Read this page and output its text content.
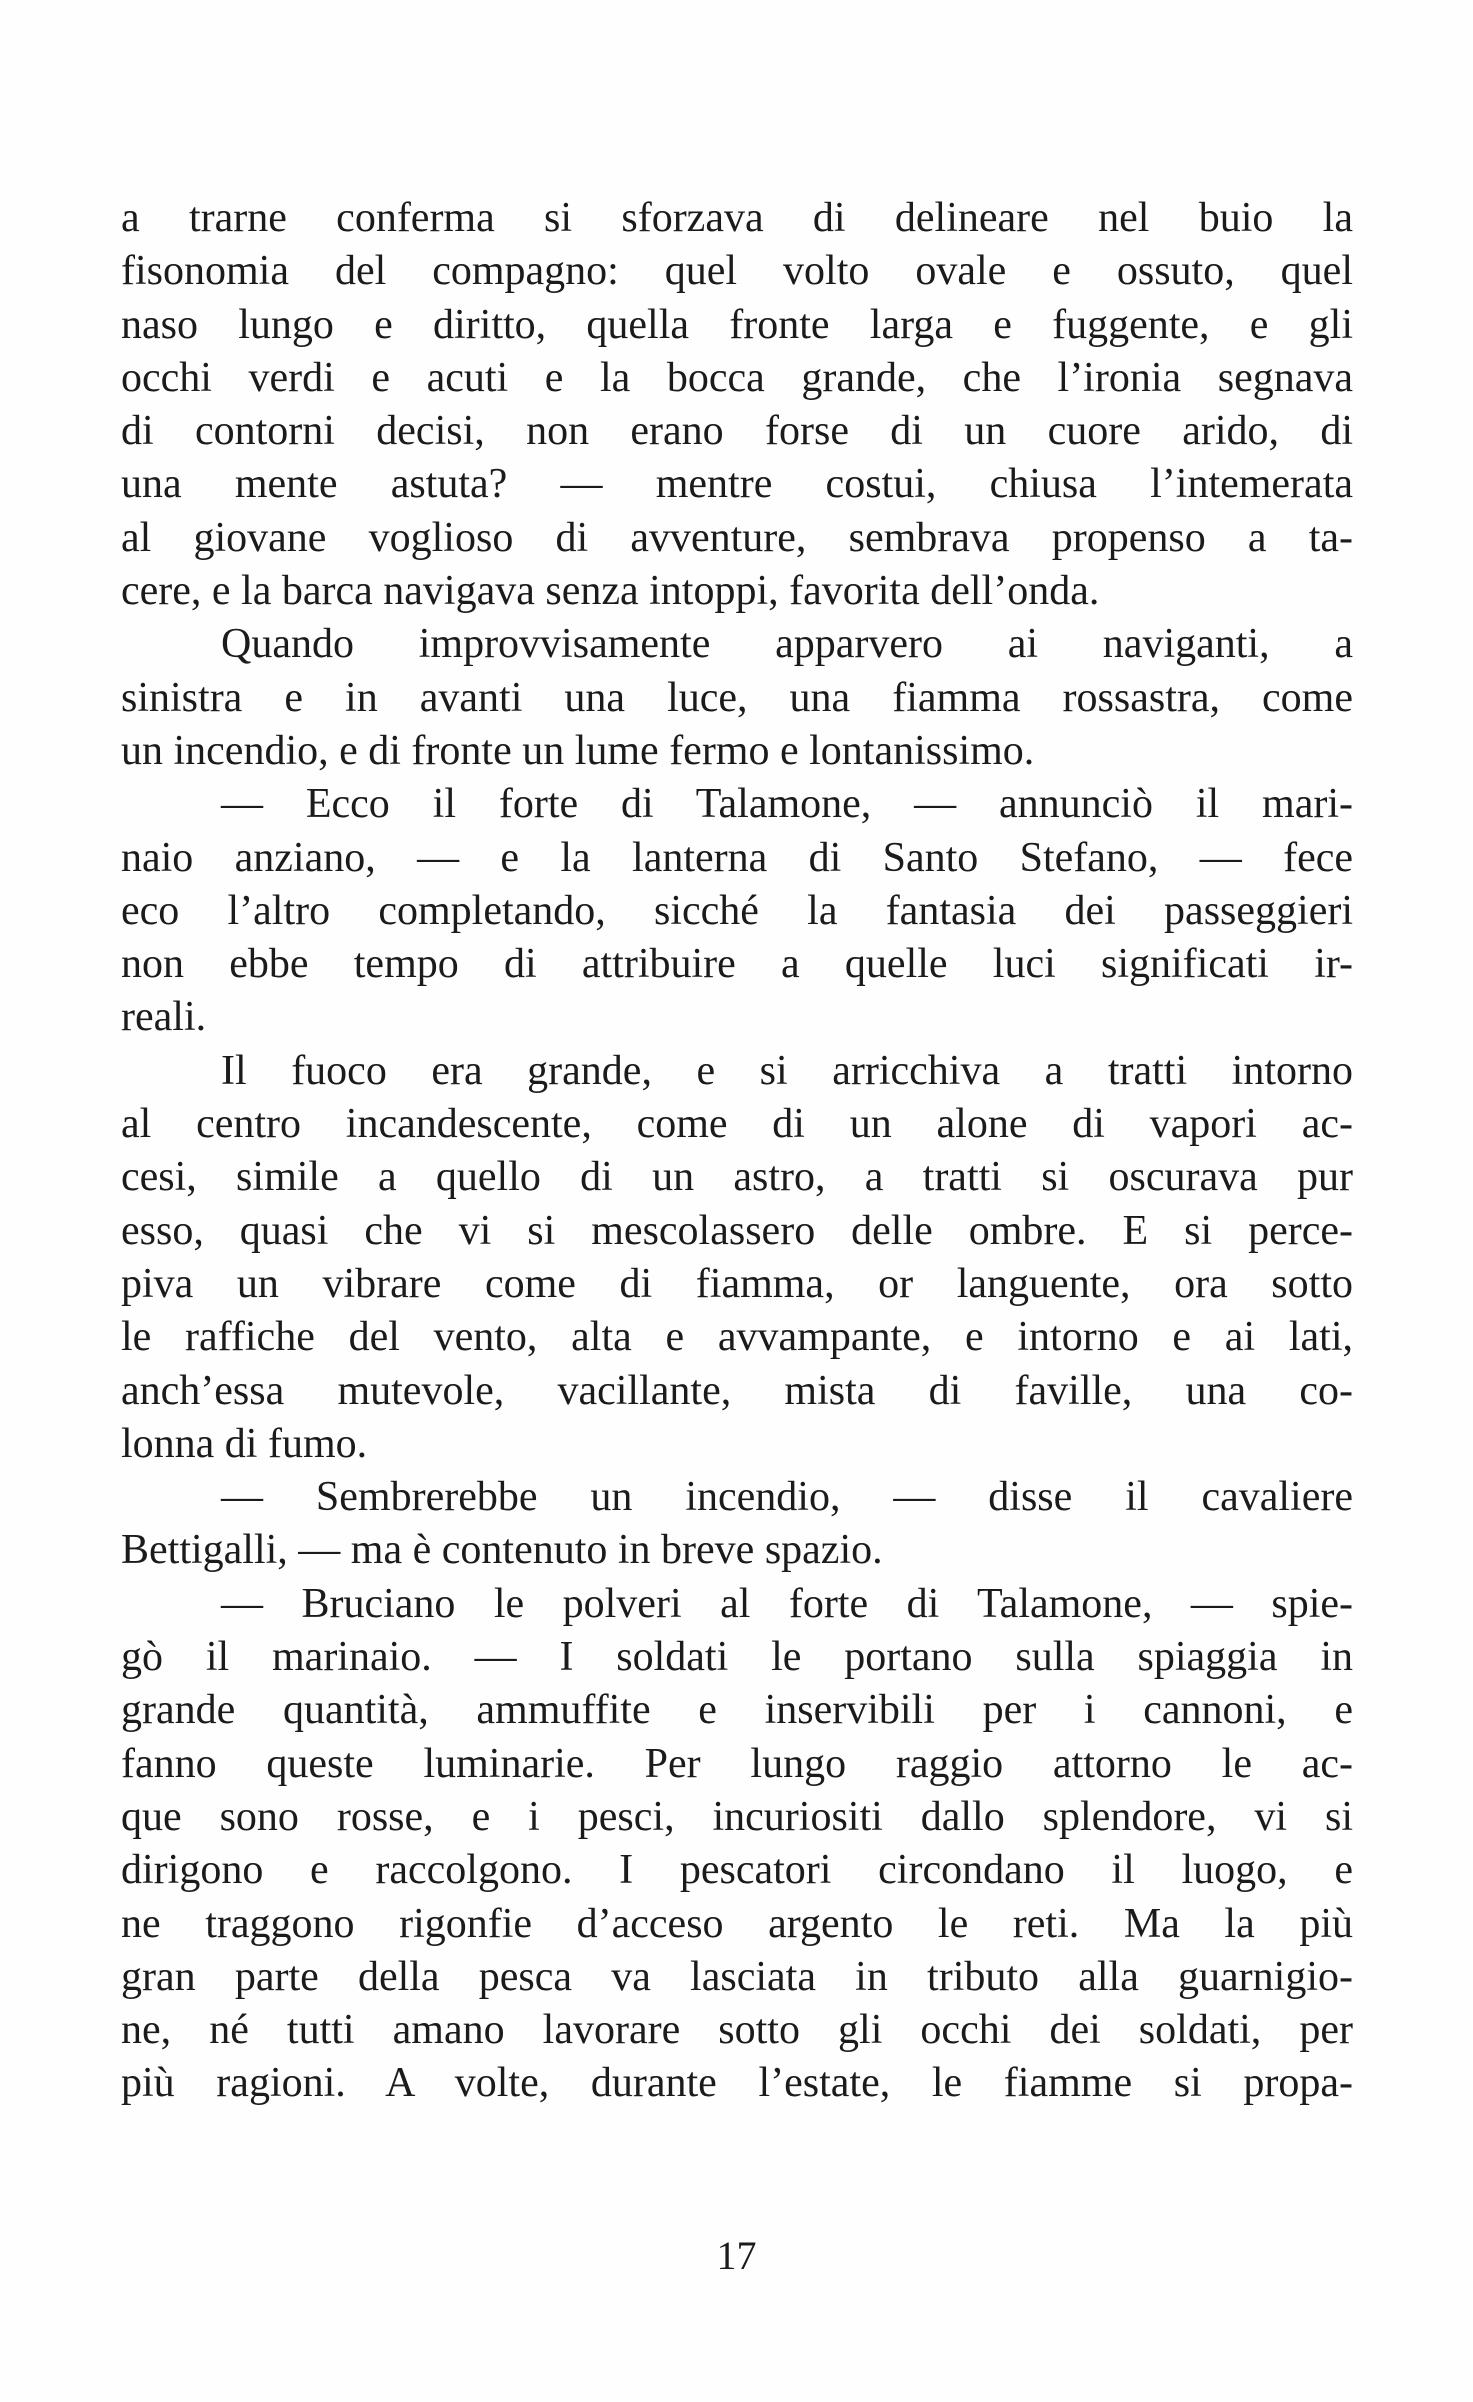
a trarne conferma si sforzava di delineare nel buio la
fisonomia del compagno: quel volto ovale e ossuto, quel
naso lungo e diritto, quella fronte larga e fuggente, e gli
occhi verdi e acuti e la bocca grande, che l’ironia segnava
di contorni decisi, non erano forse di un cuore arido, di
una mente astuta? — mentre costui, chiusa l’intemerata
al giovane voglioso di avventure, sembrava propenso a ta-
cere, e la barca navigava senza intoppi, favorita dell’onda.
Quando improvvisamente apparvero ai naviganti, a
sinistra e in avanti una luce, una fiamma rossastra, come
un incendio, e di fronte un lume fermo e lontanissimo.
— Ecco il forte di Talamone, — annunciò il mari-
naio anziano, — e la lanterna di Santo Stefano, — fece
eco l’altro completando, sicché la fantasia dei passeggieri
non ebbe tempo di attribuire a quelle luci significati ir-
reali.
Il fuoco era grande, e si arricchiva a tratti intorno
al centro incandescente, come di un alone di vapori ac-
cesi, simile a quello di un astro, a tratti si oscurava pur
esso, quasi che vi si mescolassero delle ombre. E si perce-
piva un vibrare come di fiamma, or languente, ora sotto
le raffiche del vento, alta e avvampante, e intorno e ai lati,
anch’essa mutevole, vacillante, mista di faville, una co-
lonna di fumo.
— Sembrerebbe un incendio, — disse il cavaliere
Bettigalli, — ma è contenuto in breve spazio.
— Bruciano le polveri al forte di Talamone, — spie-
gò il marinaio. — I soldati le portano sulla spiaggia in
grande quantità, ammuffite e inservibili per i cannoni, e
fanno queste luminarie. Per lungo raggio attorno le ac-
que sono rosse, e i pesci, incuriositi dallo splendore, vi si
dirigono e raccolgono. I pescatori circondano il luogo, e
ne traggono rigonfie d’acceso argento le reti. Ma la più
gran parte della pesca va lasciata in tributo alla guarnigio-
ne, né tutti amano lavorare sotto gli occhi dei soldati, per
più ragioni. A volte, durante l’estate, le fiamme si propa-
17
